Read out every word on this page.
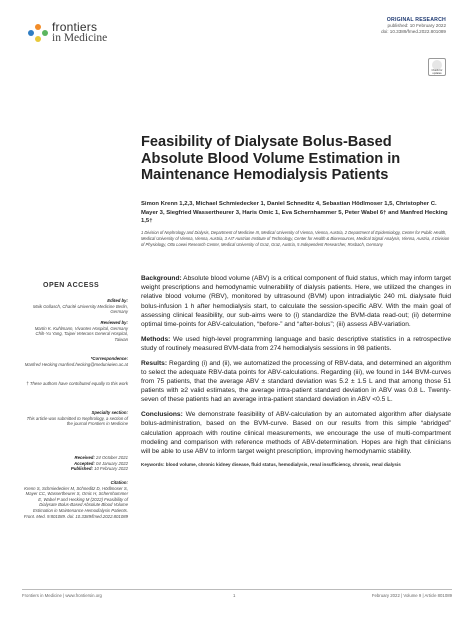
frontiers
in Medicine
ORIGINAL RESEARCH
published: 10 February 2022
doi: 10.3389/fmed.2022.801089
Check for updates
Feasibility of Dialysate Bolus-Based Absolute Blood Volume Estimation in Maintenance Hemodialysis Patients
Simon Krenn 1,2,3, Michael Schmiedecker 1, Daniel Schneditz 4, Sebastian Hödlmoser 1,5, Christopher C. Mayer 3, Siegfried Wassertheurer 3, Haris Omic 1, Eva Schernhammer 5, Peter Wabel 6† and Manfred Hecking 1,5†
1 Division of Nephrology and Dialysis, Department of Medicine III, Medical University of Vienna, Vienna, Austria, 2 Department of Epidemiology, Center for Public Health, Medical University of Vienna, Vienna, Austria, 3 AIT Austrian Institute of Technology, Center for Health & Bioresources, Medical Signal Analysis, Vienna, Austria, 4 Division of Physiology, Otto Loewi Research Center, Medical University of Graz, Graz, Austria, 5 Independent Researcher, Rosbach, Germany
OPEN ACCESS
Edited by:
Maik Gollasch, Charité University Medicine Berlin, Germany
Reviewed by:
Martin K. Kuhlmann, Vivantes Hospital, Germany
Chih-Yu Yang, Taipei Veterans General Hospital, Taiwan
*Correspondence:
Manfred Hecking manfred.hecking@meduniwien.ac.at
† These authors have contributed equally to this work
Specialty section:
This article was submitted to Nephrology, a section of the journal Frontiers in Medicine
Received: 24 October 2021
Accepted: 04 January 2022
Published: 10 February 2022
Citation:
Krenn S, Schmiedecker M, Schneditz D, Hödlmoser S, Mayer CC, Wassertheurer S, Omic H, Schernhammer E, Wabel P and Hecking M (2022) Feasibility of Dialysate Bolus-Based Absolute Blood Volume Estimation in Maintenance Hemodialysis Patients. Front. Med. 9:801089. doi: 10.3389/fmed.2022.801089

Background: Absolute blood volume (ABV) is a critical component of fluid status, which may inform target weight prescriptions and hemodynamic vulnerability of dialysis patients. Here, we utilized the changes in relative blood volume (RBV), monitored by ultrasound (BVM) upon intradialytic 240 mL dialysate fluid bolus-infusion 1 h after hemodialysis start, to calculate the session-specific ABV. With the main goal of assessing clinical feasibility, our sub-aims were to (i) standardize the BVM-data read-out; (ii) determine optimal time-points for ABV-calculation, “before-” and “after-bolus”; (iii) assess ABV-variation.

Methods: We used high-level programming language and basic descriptive statistics in a retrospective study of routinely measured BVM-data from 274 hemodialysis sessions in 98 patients.

Results: Regarding (i) and (ii), we automatized the processing of RBV-data, and determined an algorithm to select the adequate RBV-data points for ABV-calculations. Regarding (iii), we found in 144 BVM-curves from 75 patients, that the average ABV ± standard deviation was 5.2 ± 1.5 L and that among those 51 patients with ≥2 valid estimates, the average intra-patient standard deviation in ABV was 0.8 L. Twenty-seven of these patients had an average intra-patient standard deviation in ABV <0.5 L.

Conclusions: We demonstrate feasibility of ABV-calculation by an automated algorithm after dialysate bolus-administration, based on the BVM-curve. Based on our results from this simple “abridged” calculation approach with routine clinical measurements, we encourage the use of multi-compartment modeling and comparison with reference methods of ABV-determination. Hopes are high that clinicians will be able to use ABV to inform target weight prescription, improving hemodynamic stability.

Keywords: blood volume, chronic kidney disease, fluid status, hemodialysis, renal insufficiency, chronic, renal dialysis

Frontiers in Medicine | www.frontiersin.org	1	February 2022 | Volume 9 | Article 801089
